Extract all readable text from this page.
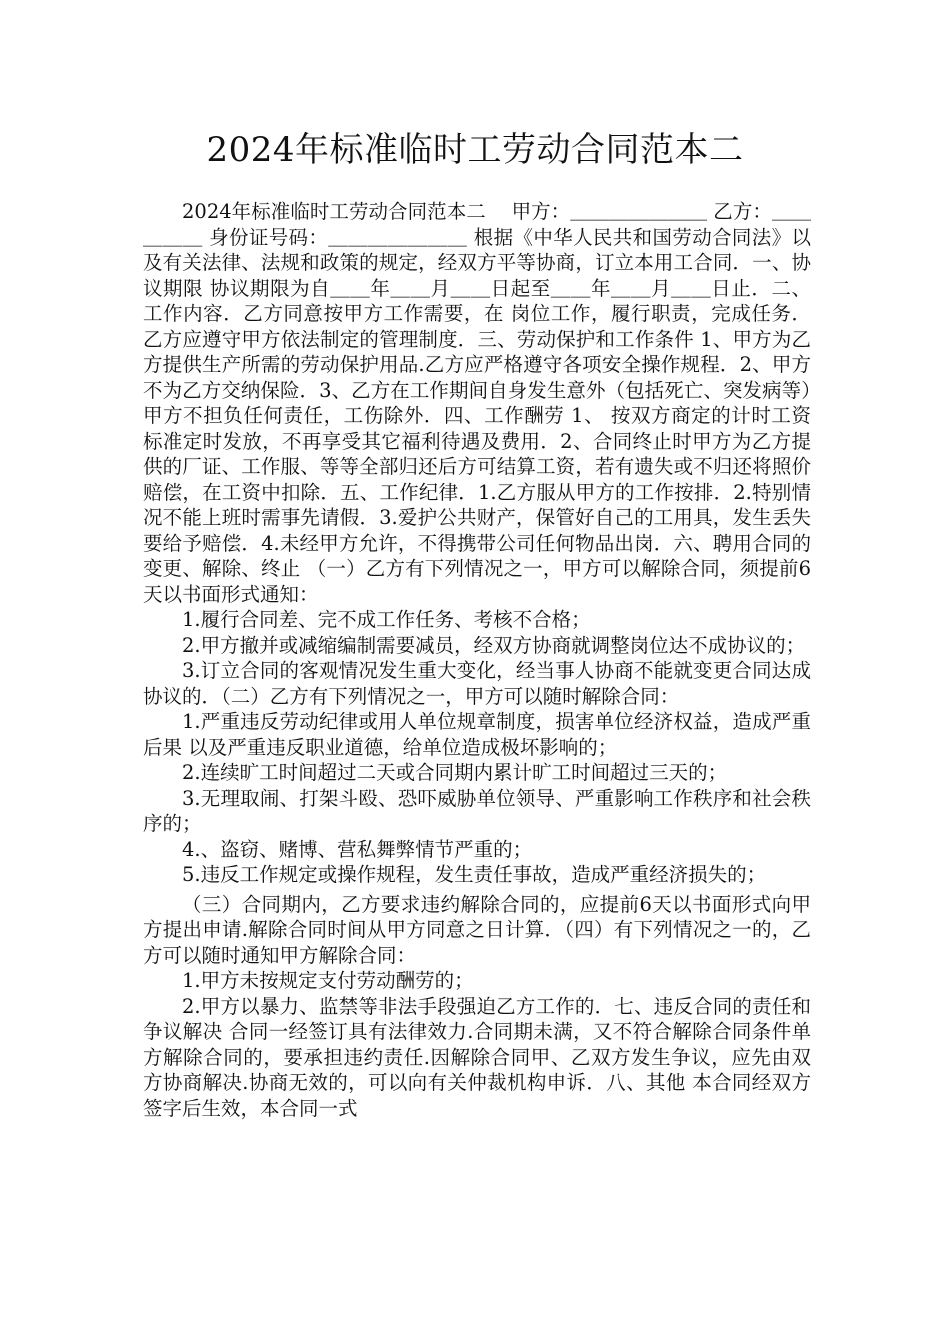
2024年标准临时工劳动合同范本二

2024年标准临时工劳动合同范本二　 甲方：＿＿＿＿＿＿＿ 乙方：＿＿＿＿＿ 身份证号码：＿＿＿＿＿＿＿ 根据《中华人民共和国劳动合同法》以及有关法律、法规和政策的规定，经双方平等协商，订立本用工合同．一、协议期限 协议期限为自＿＿年＿＿月＿＿日起至＿＿年＿＿月＿＿日止．二、工作内容．乙方同意按甲方工作需要，在 岗位工作，履行职责，完成任务．乙方应遵守甲方依法制定的管理制度．三、劳动保护和工作条件 1、甲方为乙方提供生产所需的劳动保护用品.乙方应严格遵守各项安全操作规程．2、甲方不为乙方交纳保险．3、乙方在工作期间自身发生意外（包括死亡、突发病等）甲方不担负任何责任，工伤除外．四、工作酬劳 1、 按双方商定的计时工资标准定时发放，不再享受其它福利待遇及费用．2、合同终止时甲方为乙方提供的厂证、工作服、等等全部归还后方可结算工资，若有遗失或不归还将照价赔偿，在工资中扣除．五、工作纪律．1.乙方服从甲方的工作按排．2.特别情况不能上班时需事先请假．3.爱护公共财产，保管好自己的工用具，发生丢失要给予赔偿．4.未经甲方允许，不得携带公司任何物品出岗．六、聘用合同的变更、解除、终止 （一）乙方有下列情况之一，甲方可以解除合同，须提前6天以书面形式通知：

1.履行合同差、完不成工作任务、考核不合格；

2.甲方撤并或减缩编制需要减员，经双方协商就调整岗位达不成协议的；

3.订立合同的客观情况发生重大变化，经当事人协商不能就变更合同达成协议的．（二）乙方有下列情况之一，甲方可以随时解除合同：

1.严重违反劳动纪律或用人单位规章制度，损害单位经济权益，造成严重后果 以及严重违反职业道德，给单位造成极坏影响的；

2.连续旷工时间超过二天或合同期内累计旷工时间超过三天的；

3.无理取闹、打架斗殴、恐吓威胁单位领导、严重影响工作秩序和社会秩序的；

4.、盗窃、赌博、营私舞弊情节严重的；

5.违反工作规定或操作规程，发生责任事故，造成严重经济损失的；

（三）合同期内，乙方要求违约解除合同的，应提前6天以书面形式向甲方提出申请.解除合同时间从甲方同意之日计算．（四）有下列情况之一的，乙方可以随时通知甲方解除合同：

1.甲方未按规定支付劳动酬劳的；

2.甲方以暴力、监禁等非法手段强迫乙方工作的．七、违反合同的责任和争议解决 合同一经签订具有法律效力.合同期未满，又不符合解除合同条件单方解除合同的，要承担违约责任.因解除合同甲、乙双方发生争议，应先由双方协商解决.协商无效的，可以向有关仲裁机构申诉．八、其他 本合同经双方签字后生效，本合同一式
